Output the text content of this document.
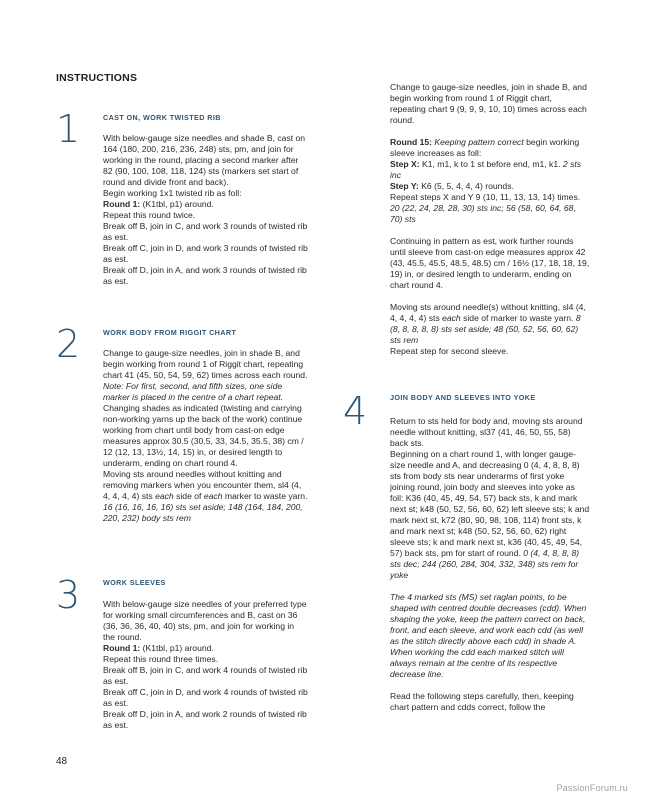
INSTRUCTIONS
1	CAST ON, WORK TWISTED RIB

With below-gauge size needles and shade B, cast on 164 (180, 200, 216, 236, 248) sts, pm, and join for working in the round, placing a second marker after 82 (90, 100, 108, 118, 124) sts (markers set start of round and divide front and back).

Begin working 1x1 twisted rib as foll:

Round 1: (K1tbl, p1) around.

Repeat this round twice.

Break off B, join in C, and work 3 rounds of twisted rib as est.

Break off C, join in D, and work 3 rounds of twisted rib as est.

Break off D, join in A, and work 3 rounds of twisted rib as est.

2	WORK BODY FROM RIGGIT CHART

Change to gauge-size needles, join in shade B, and begin working from round 1 of Riggit chart, repeating chart 41 (45, 50, 54, 59, 62) times across each round. Note: For first, second, and fifth sizes, one side marker is placed in the centre of a chart repeat.

Changing shades as indicated (twisting and carrying non-working yarns up the back of the work) continue working from chart until body from cast-on edge measures approx 30.5 (30.5, 33, 34.5, 35.5, 38) cm / 12 (12, 13, 13½, 14, 15) in, or desired length to underarm, ending on chart round 4.

Moving sts around needles without knitting and removing markers when you encounter them, sl4 (4, 4, 4, 4, 4) sts each side of each marker to waste yarn. 16 (16, 16, 16, 16) sts set aside; 148 (164, 184, 200, 220, 232) body sts rem

3	WORK SLEEVES

With below-gauge size needles of your preferred type for working small circumferences and B, cast on 36 (36, 36, 36, 40, 40) sts, pm, and join for working in the round.

Round 1: (K1tbl, p1) around.

Repeat this round three times.

Break off B, join in C, and work 4 rounds of twisted rib as est.

Break off C, join in D, and work 4 rounds of twisted rib as est.

Break off D, join in A, and work 2 rounds of twisted rib as est.

Change to gauge-size needles, join in shade B, and begin working from round 1 of Riggit chart, repeating chart 9 (9, 9, 9, 10, 10) times across each round.

Round 15: Keeping pattern correct begin working sleeve increases as foll:

Step X: K1, m1, k to 1 st before end, m1, k1. 2 sts inc

Step Y: K6 (5, 5, 4, 4, 4) rounds.

Repeat steps X and Y 9 (10, 11, 13, 13, 14) times. 20 (22, 24, 28, 28, 30) sts inc; 56 (58, 60, 64, 68, 70) sts

Continuing in pattern as est, work further rounds until sleeve from cast-on edge measures approx 42 (43, 45.5, 45.5, 48.5, 48.5) cm / 16½ (17, 18, 18, 19, 19) in, or desired length to underarm, ending on chart round 4.

Moving sts around needle(s) without knitting, sl4 (4, 4, 4, 4, 4) sts each side of marker to waste yarn. 8 (8, 8, 8, 8, 8) sts set aside; 48 (50, 52, 56, 60, 62) sts rem

Repeat step for second sleeve.

4	JOIN BODY AND SLEEVES INTO YOKE

Return to sts held for body and, moving sts around needle without knitting, sl37 (41, 46, 50, 55, 58) back sts.

Beginning on a chart round 1, with longer gauge-size needle and A, and decreasing 0 (4, 4, 8, 8, 8) sts from body sts near underarms of first yoke joining round, join body and sleeves into yoke as foll: K36 (40, 45, 49, 54, 57) back sts, k and mark next st; k48 (50, 52, 56, 60, 62) left sleeve sts; k and mark next st, k72 (80, 90, 98, 108, 114) front sts, k and mark next st; k48 (50, 52, 56, 60, 62) right sleeve sts; k and mark next st, k36 (40, 45, 49, 54, 57) back sts, pm for start of round. 0 (4, 4, 8, 8, 8) sts dec; 244 (260, 284, 304, 332, 348) sts rem for yoke

The 4 marked sts (MS) set raglan points, to be shaped with centred double decreases (cdd). When shaping the yoke, keep the pattern correct on back, front, and each sleeve, and work each cdd (as well as the stitch directly above each cdd) in shade A. When working the cdd each marked stitch will always remain at the centre of its respective decrease line.

Read the following steps carefully, then, keeping chart pattern and cdds correct, follow the

48
PassionForum.ru
